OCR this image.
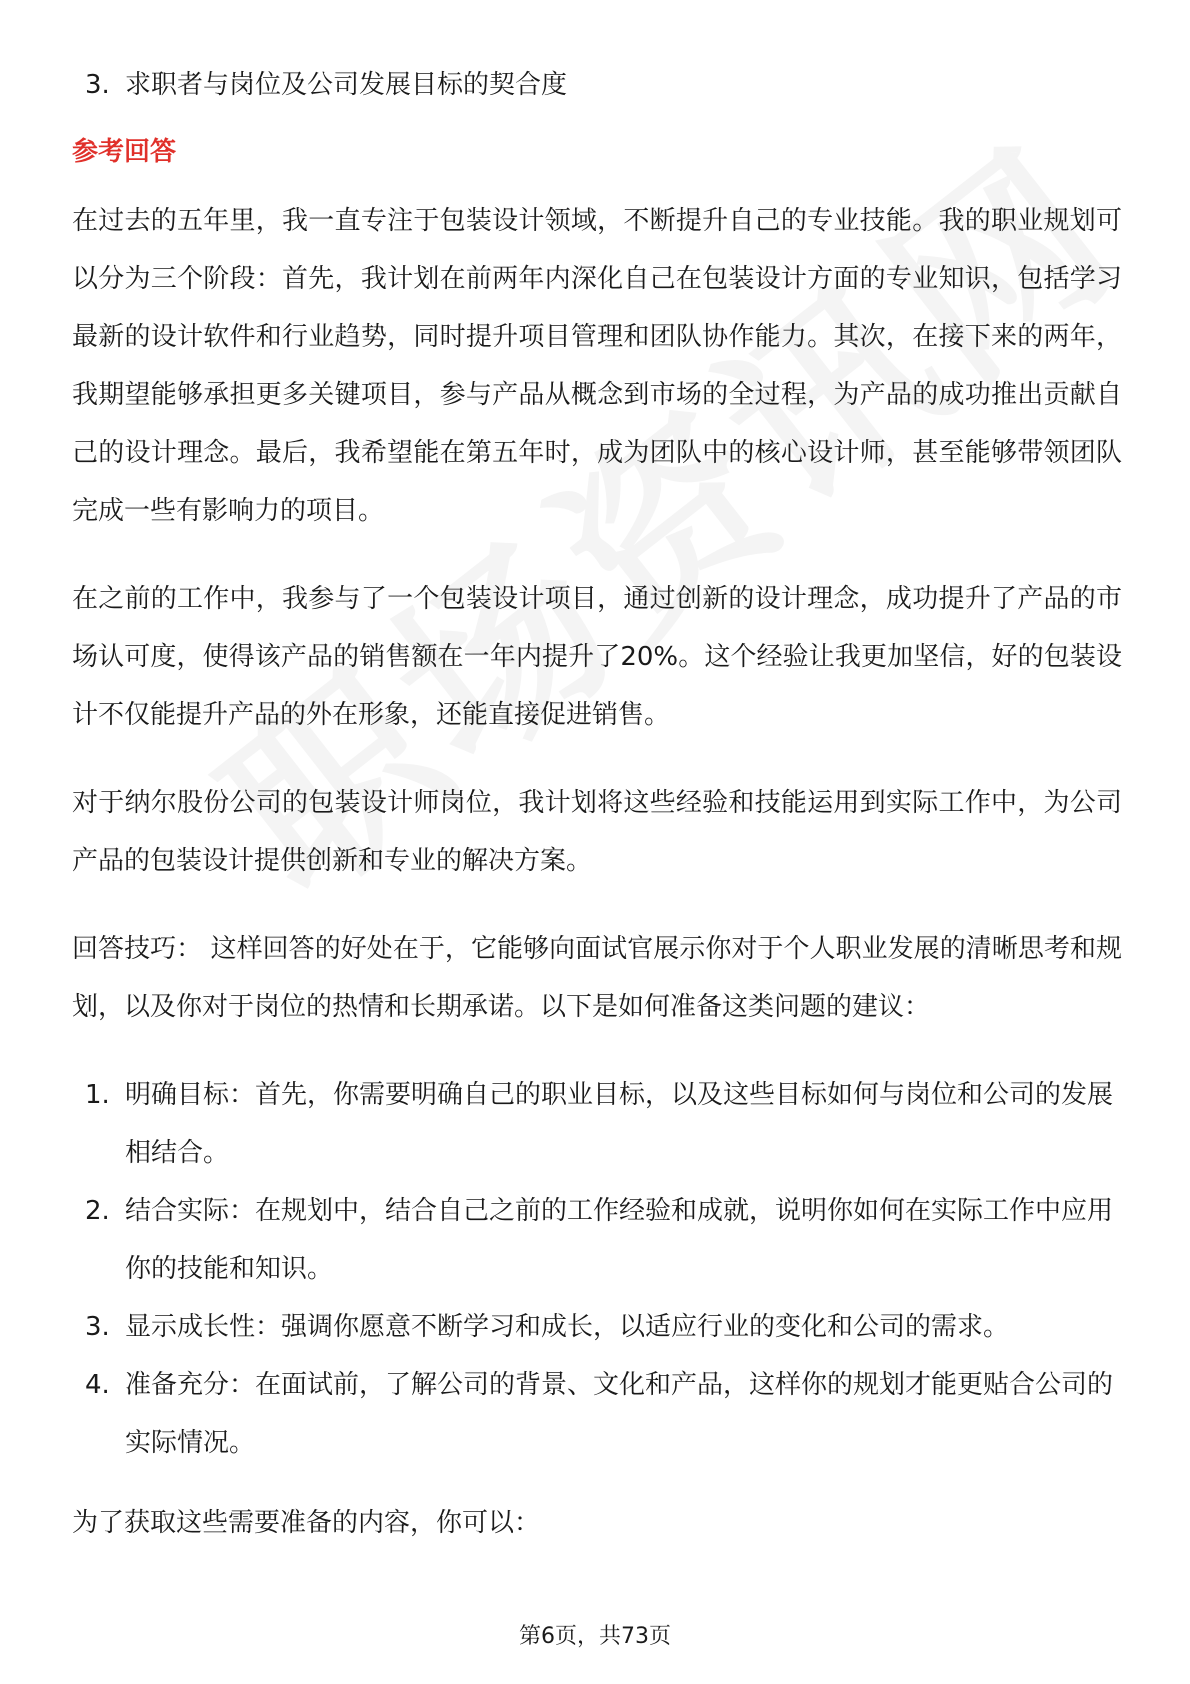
3. 求职者与岗位及公司发展目标的契合度
参考回答

在过去的五年里，我一直专注于包装设计领域，不断提升自己的专业技能。我的职业规划可以分为三个阶段：首先，我计划在前两年内深化自己在包装设计方面的专业知识，包括学习最新的设计软件和行业趋势，同时提升项目管理和团队协作能力。其次，在接下来的两年，我期望能够承担更多关键项目，参与产品从概念到市场的全过程，为产品的成功推出贡献自己的设计理念。最后，我希望能在第五年时，成为团队中的核心设计师，甚至能够带领团队完成一些有影响力的项目。

在之前的工作中，我参与了一个包装设计项目，通过创新的设计理念，成功提升了产品的市场认可度，使得该产品的销售额在一年内提升了20%。这个经验让我更加坚信，好的包装设计不仅能提升产品的外在形象，还能直接促进销售。

对于纳尔股份公司的包装设计师岗位，我计划将这些经验和技能运用到实际工作中，为公司产品的包装设计提供创新和专业的解决方案。

回答技巧： 这样回答的好处在于，它能够向面试官展示你对于个人职业发展的清晰思考和规划，以及你对于岗位的热情和长期承诺。以下是如何准备这类问题的建议：

1. 明确目标：首先，你需要明确自己的职业目标，以及这些目标如何与岗位和公司的发展相结合。
2. 结合实际：在规划中，结合自己之前的工作经验和成就，说明你如何在实际工作中应用你的技能和知识。
3. 显示成长性：强调你愿意不断学习和成长，以适应行业的变化和公司的需求。
4. 准备充分：在面试前，了解公司的背景、文化和产品，这样你的规划才能更贴合公司的实际情况。

为了获取这些需要准备的内容，你可以：

第6页，共73页
